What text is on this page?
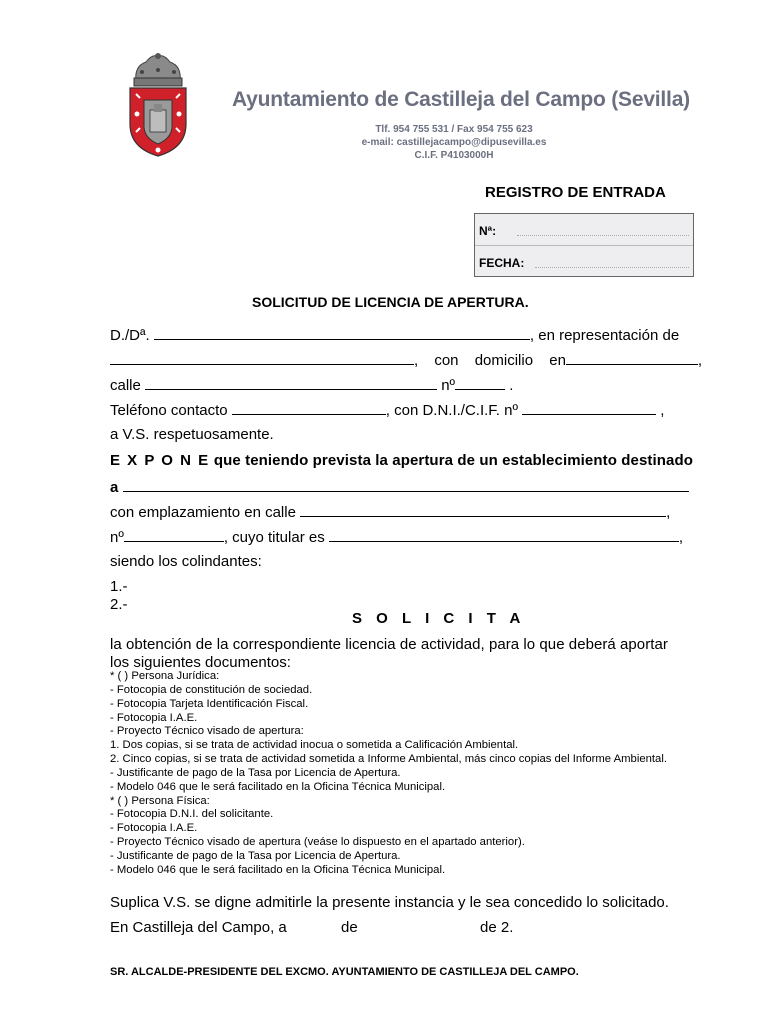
Ayuntamiento de Castilleja del Campo (Sevilla)
Tlf. 954 755 531 / Fax 954 755 623
e-mail: castillejacampo@dipusevilla.es
C.I.F. P4103000H
REGISTRO DE ENTRADA
Nª:
FECHA:
SOLICITUD DE LICENCIA DE APERTURA.
D./Dª.	, en representación de
, con domicilio en	,
calle	nº	.
Teléfono contacto	, con D.N.I./C.I.F. nº	,
a V.S. respetuosamente.
E X P O N E que teniendo prevista la apertura de un establecimiento destinado
a
con emplazamiento en calle	,
nº	, cuyo titular es	,
siendo los colindantes:
1.-
2.-
S O L I C I T A
la obtención de la correspondiente licencia de actividad, para lo que deberá aportar
los siguientes documentos:
* ( ) Persona Jurídica:
- Fotocopia de constitución de sociedad.
- Fotocopia Tarjeta Identificación Fiscal.
- Fotocopia I.A.E.
- Proyecto Técnico visado de apertura:
1. Dos copias, si se trata de actividad inocua o sometida a Calificación Ambiental.
2. Cinco copias, si se trata de actividad sometida a Informe Ambiental, más cinco copias del Informe Ambiental.
- Justificante de pago de la Tasa por Licencia de Apertura.
- Modelo 046 que le será facilitado en la Oficina Técnica Municipal.
* ( ) Persona Física:
- Fotocopia D.N.I. del solicitante.
- Fotocopia I.A.E.
- Proyecto Técnico visado de apertura (veáse lo dispuesto en el apartado anterior).
- Justificante de pago de la Tasa por Licencia de Apertura.
- Modelo 046 que le será facilitado en la Oficina Técnica Municipal.
Suplica V.S. se digne admitirle la presente instancia y le sea concedido lo solicitado.
En Castilleja del Campo, a	de	de 2.
SR. ALCALDE-PRESIDENTE DEL EXCMO. AYUNTAMIENTO DE CASTILLEJA DEL CAMPO.
